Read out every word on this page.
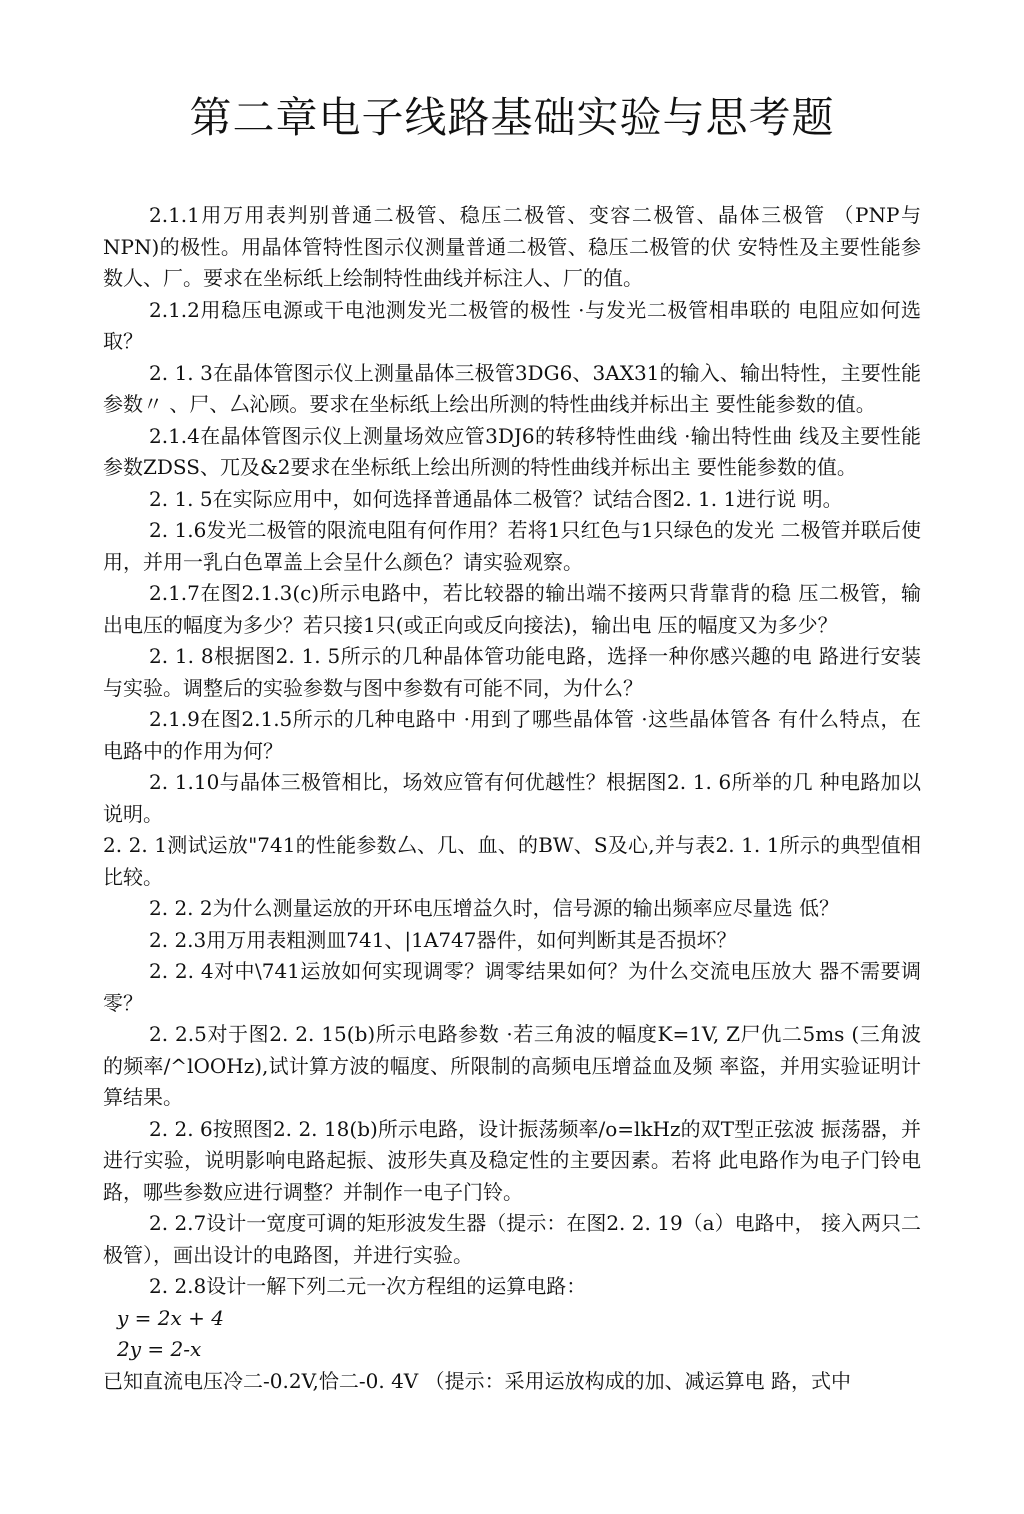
第二章电子线路基础实验与思考题

2.1.1用万用表判别普通二极管、稳压二极管、变容二极管、晶体三极管 （PNP与NPN)的极性。用晶体管特性图示仪测量普通二极管、稳压二极管的伏 安特性及主要性能参数人、厂。要求在坐标纸上绘制特性曲线并标注人、厂的值。

2.1.2用稳压电源或干电池测发光二极管的极性 ·与发光二极管相串联的 电阻应如何选取？

2. 1. 3在晶体管图示仪上测量晶体三极管3DG6、3AX31的输入、输出特性，主要性能参数〃 、尸、厶沁顾。要求在坐标纸上绘出所测的特性曲线并标出主 要性能参数的值。

2.1.4在晶体管图示仪上测量场效应管3DJ6的转移特性曲线 ·输出特性曲 线及主要性能参数ZDSS、兀及&2要求在坐标纸上绘出所测的特性曲线并标出主 要性能参数的值。

2. 1. 5在实际应用中，如何选择普通晶体二极管？试结合图2. 1. 1进行说 明。

2. 1.6发光二极管的限流电阻有何作用？若将1只红色与1只绿色的发光 二极管并联后使用，并用一乳白色罩盖上会呈什么颜色？请实验观察。

2.1.7在图2.1.3(c)所示电路中，若比较器的输出端不接两只背靠背的稳 压二极管，输出电压的幅度为多少？若只接1只(或正向或反向接法)，输出电 压的幅度又为多少？

2. 1. 8根据图2. 1. 5所示的几种晶体管功能电路，选择一种你感兴趣的电 路进行安装与实验。调整后的实验参数与图中参数有可能不同，为什么？

2.1.9在图2.1.5所示的几种电路中 ·用到了哪些晶体管 ·这些晶体管各 有什么特点，在电路中的作用为何？

2. 1.10与晶体三极管相比，场效应管有何优越性？根据图2. 1. 6所举的几 种电路加以说明。

2. 2. 1测试运放"741的性能参数厶、几、血、的BW、S及心,并与表2. 1. 1所示的典型值相比较。

2. 2. 2为什么测量运放的开环电压增益久时，信号源的输出频率应尽量选 低？

2. 2.3用万用表粗测皿741、|1A747器件，如何判断其是否损坏？

2. 2. 4对中\741运放如何实现调零？调零结果如何？为什么交流电压放大 器不需要调零？

2. 2.5对于图2. 2. 15(b)所示电路参数 ·若三角波的幅度K=1V, Z尸仇二5ms (三角波的频率/^lOOHz),试计算方波的幅度、所限制的高频电压增益血及频 率盜，并用实验证明计算结果。

2. 2. 6按照图2. 2. 18(b)所示电路，设计振荡频率/o=lkHz的双T型正弦波 振荡器，并进行实验，说明影响电路起振、波形失真及稳定性的主要因素。若将 此电路作为电子门铃电路，哪些参数应进行调整？并制作一电子门铃。

2. 2.7设计一宽度可调的矩形波发生器（提示：在图2. 2. 19（a）电路中， 接入两只二极管），画出设计的电路图，并进行实验。

2. 2.8设计一解下列二元一次方程组的运算电路：

y = 2x + 4

2y = 2-x

已知直流电压冷二-0.2V,恰二-0. 4V （提示：采用运放构成的加、减运算电 路，式中
